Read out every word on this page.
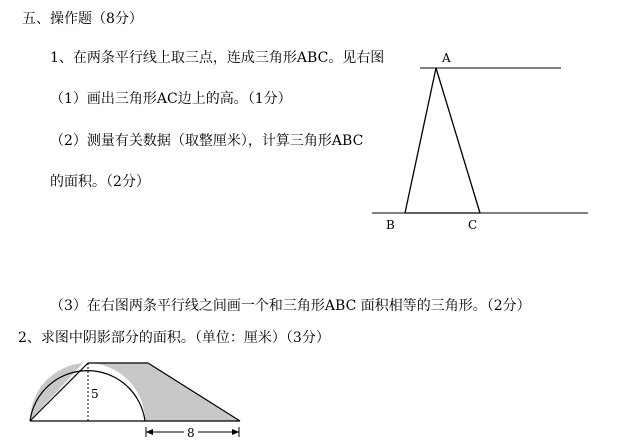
五、操作题（8分）
1、在两条平行线上取三点，连成三角形ABC。见右图
（1）画出三角形AC边上的高。（1分）
（2）测量有关数据（取整厘米），计算三角形ABC
的面积。（2分）
（3）在右图两条平行线之间画一个和三角形ABC 面积相等的三角形。（2分）
2、求图中阴影部分的面积。（单位：厘米）（3分）
A
B	C
5
8
